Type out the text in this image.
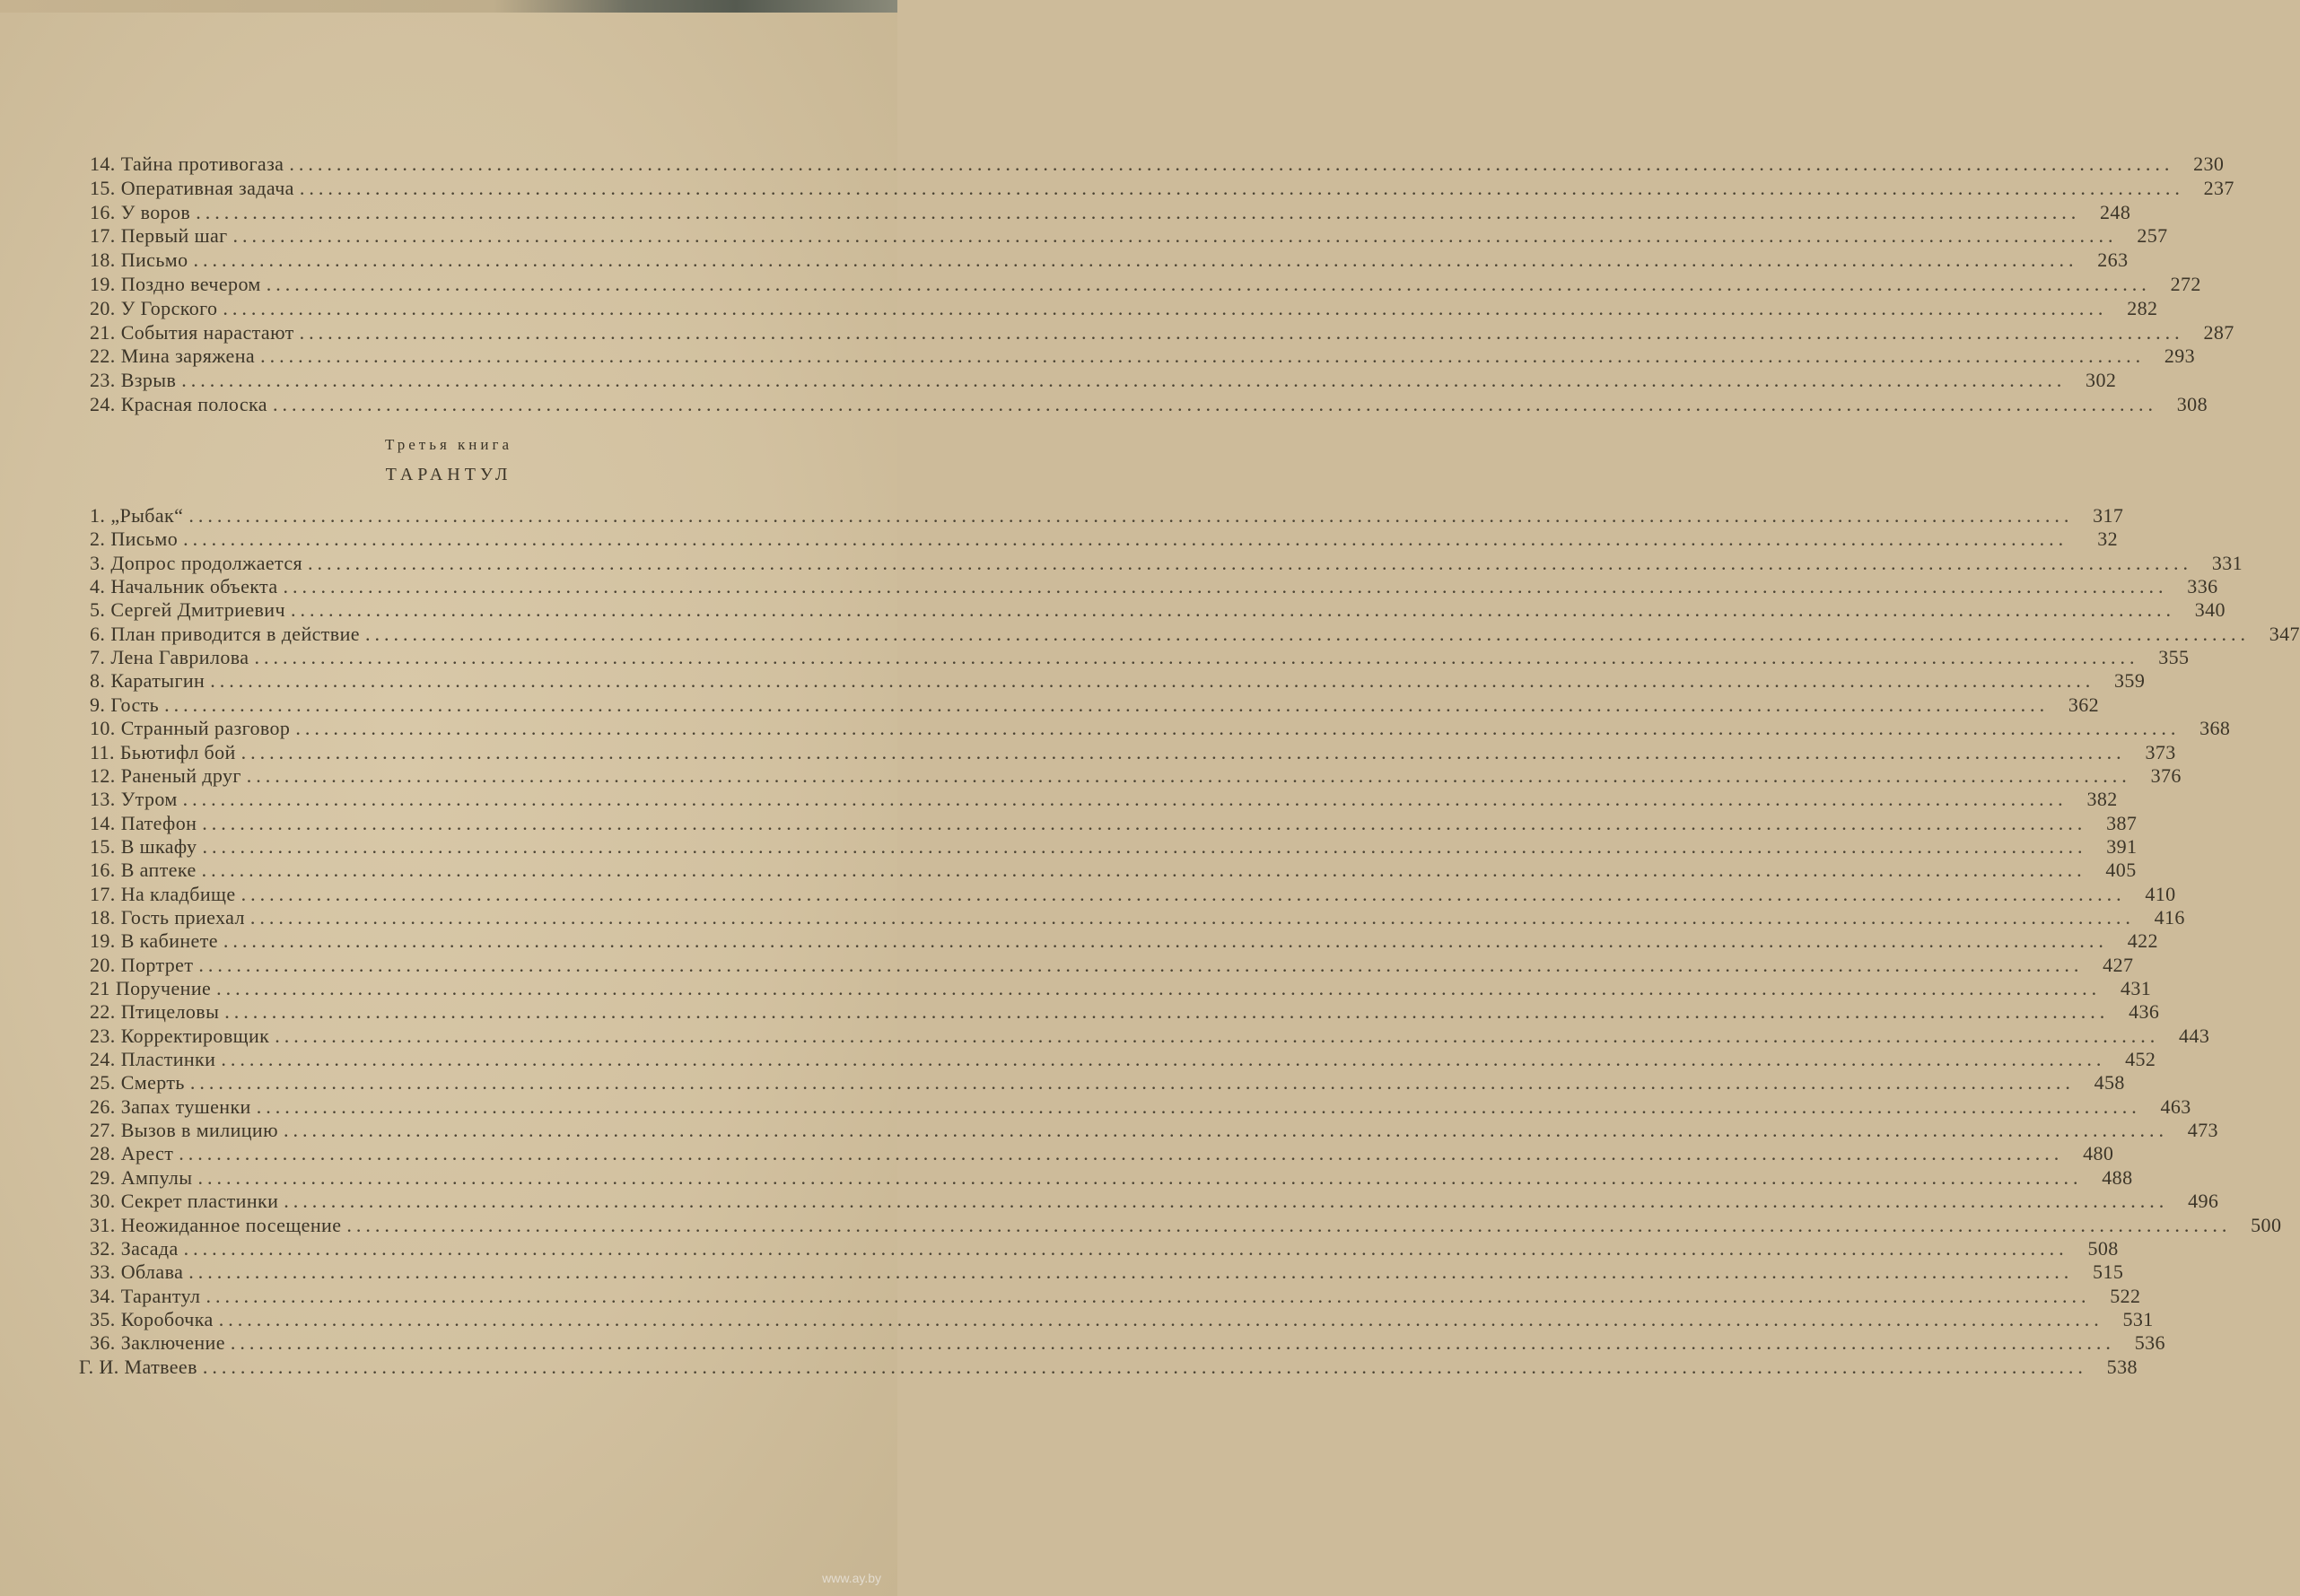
Третья книга
ТАРАНТУЛ
www.ay.by
14. Тайна противогаза ........................................................................................................................................................................................................ 230
15. Оперативная задача ........................................................................................................................................................................................................ 237
16. У воров ........................................................................................................................................................................................................ 248
17. Первый шаг ........................................................................................................................................................................................................ 257
18. Письмо ........................................................................................................................................................................................................ 263
19. Поздно вечером ........................................................................................................................................................................................................ 272
20. У Горского ........................................................................................................................................................................................................ 282
21. События нарастают ........................................................................................................................................................................................................ 287
22. Мина заряжена ........................................................................................................................................................................................................ 293
23. Взрыв ........................................................................................................................................................................................................ 302
24. Красная полоска ........................................................................................................................................................................................................ 308
1. „Рыбак“ ........................................................................................................................................................................................................ 317
2. Письмо ........................................................................................................................................................................................................	32
3. Допрос продолжается ........................................................................................................................................................................................................ 331
4. Начальник объекта ........................................................................................................................................................................................................ 336
5. Сергей Дмитриевич ........................................................................................................................................................................................................ 340
6. План приводится в действие ........................................................................................................................................................................................................ 347
7. Лена Гаврилова ........................................................................................................................................................................................................ 355
8. Каратыгин ........................................................................................................................................................................................................ 359
9. Гость ........................................................................................................................................................................................................ 362
10. Странный разговор ........................................................................................................................................................................................................ 368
11. Бьютифл бой ........................................................................................................................................................................................................ 373
12. Раненый друг ........................................................................................................................................................................................................ 376
13. Утром ........................................................................................................................................................................................................ 382
14. Патефон ........................................................................................................................................................................................................ 387
15. В шкафу ........................................................................................................................................................................................................ 391
16. В аптеке ........................................................................................................................................................................................................ 405
17. На кладбище ........................................................................................................................................................................................................ 410
18. Гость приехал ........................................................................................................................................................................................................ 416
19. В кабинете ........................................................................................................................................................................................................ 422
20. Портрет ........................................................................................................................................................................................................ 427
21 Поручение ........................................................................................................................................................................................................ 431
22. Птицеловы ........................................................................................................................................................................................................ 436
23. Корректировщик ........................................................................................................................................................................................................ 443
24. Пластинки ........................................................................................................................................................................................................ 452
25. Смерть ........................................................................................................................................................................................................ 458
26. Запах тушенки ........................................................................................................................................................................................................ 463
27. Вызов в милицию ........................................................................................................................................................................................................ 473
28. Арест ........................................................................................................................................................................................................ 480
29. Ампулы ........................................................................................................................................................................................................ 488
30. Секрет пластинки ........................................................................................................................................................................................................ 496
31. Неожиданное посещение ........................................................................................................................................................................................................ 500
32. Засада ........................................................................................................................................................................................................ 508
33. Облава ........................................................................................................................................................................................................ 515
34. Тарантул ........................................................................................................................................................................................................ 522
35. Коробочка ........................................................................................................................................................................................................ 531
36. Заключение ........................................................................................................................................................................................................ 536
Г. И. Матвеев ........................................................................................................................................................................................................ 538
